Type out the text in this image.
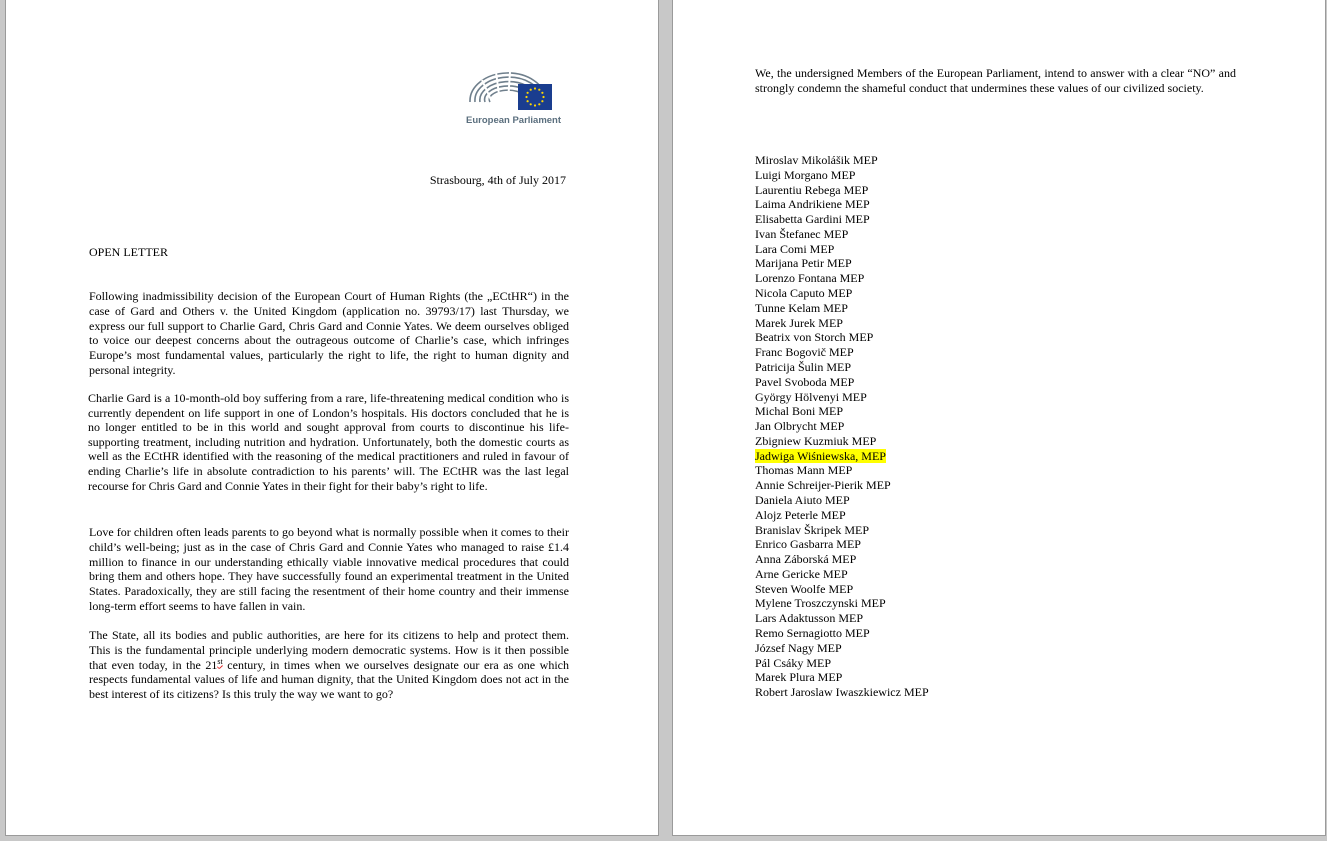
European Parliament
Strasbourg, 4th of July 2017
OPEN LETTER

Following inadmissibility decision of the European Court of Human Rights (the „ECtHR“) in the case of Gard and Others v. the United Kingdom (application no. 39793/17) last Thursday, we express our full support to Charlie Gard, Chris Gard and Connie Yates. We deem ourselves obliged to voice our deepest concerns about the outrageous outcome of Charlie’s case, which infringes Europe’s most fundamental values, particularly the right to life, the right to human dignity and personal integrity.

Charlie Gard is a 10-month-old boy suffering from a rare, life-threatening medical condition who is currently dependent on life support in one of London’s hospitals. His doctors concluded that he is no longer entitled to be in this world and sought approval from courts to discontinue his life-supporting treatment, including nutrition and hydration. Unfortunately, both the domestic courts as well as the ECtHR identified with the reasoning of the medical practitioners and ruled in favour of ending Charlie’s life in absolute contradiction to his parents’ will. The ECtHR was the last legal recourse for Chris Gard and Connie Yates in their fight for their baby’s right to life.

Love for children often leads parents to go beyond what is normally possible when it comes to their child’s well-being; just as in the case of Chris Gard and Connie Yates who managed to raise £1.4 million to finance in our understanding ethically viable innovative medical procedures that could bring them and others hope. They have successfully found an experimental treatment in the United States. Paradoxically, they are still facing the resentment of their home country and their immense long-term effort seems to have fallen in vain.

The State, all its bodies and public authorities, are here for its citizens to help and protect them. This is the fundamental principle underlying modern democratic systems. How is it then possible that even today, in the 21st century, in times when we ourselves designate our era as one which respects fundamental values of life and human dignity, that the United Kingdom does not act in the best interest of its citizens? Is this truly the way we want to go?

We, the undersigned Members of the European Parliament, intend to answer with a clear “NO” and strongly condemn the shameful conduct that undermines these values of our civilized society.

Miroslav Mikolášik MEP
Luigi Morgano MEP
Laurentiu Rebega MEP
Laima Andrikiene MEP
Elisabetta Gardini MEP
Ivan Štefanec MEP
Lara Comi MEP
Marijana Petir MEP
Lorenzo Fontana MEP
Nicola Caputo MEP
Tunne Kelam MEP
Marek Jurek MEP
Beatrix von Storch MEP
Franc Bogovič MEP
Patricija Šulin MEP
Pavel Svoboda MEP
György Hölvenyi MEP
Michal Boni MEP
Jan Olbrycht MEP
Zbigniew Kuzmiuk MEP
Jadwiga Wiśniewska, MEP
Thomas Mann MEP
Annie Schreijer-Pierik MEP
Daniela Aiuto MEP
Alojz Peterle MEP
Branislav Škripek MEP
Enrico Gasbarra MEP
Anna Záborská MEP
Arne Gericke MEP
Steven Woolfe MEP
Mylene Troszczynski MEP
Lars Adaktusson MEP
Remo Sernagiotto MEP
József Nagy MEP
Pál Csáky MEP
Marek Plura MEP
Robert Jaroslaw Iwaszkiewicz MEP
